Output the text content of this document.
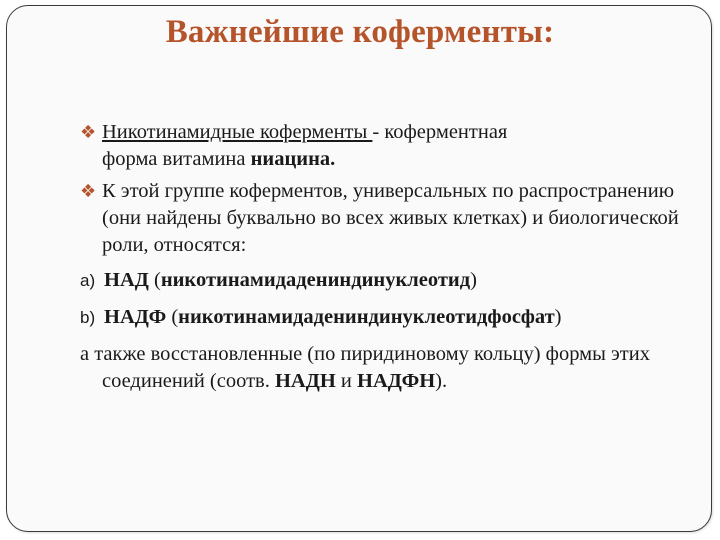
Важнейшие коферменты:
❖ Никотинамидные коферменты - коферментная
форма витамина ниацина.
❖ К этой группе коферментов, универсальных по распространению (они найдены буквально во всех живых клетках) и биологической роли, относятся:
a) НАД (никотинамидадениндинуклеотид)
b) НАДФ (никотинамидадениндинуклеотидфосфат)
а также восстановленные (по пиридиновому кольцу) формы этих соединений (соотв. НАДН и НАДФН).
